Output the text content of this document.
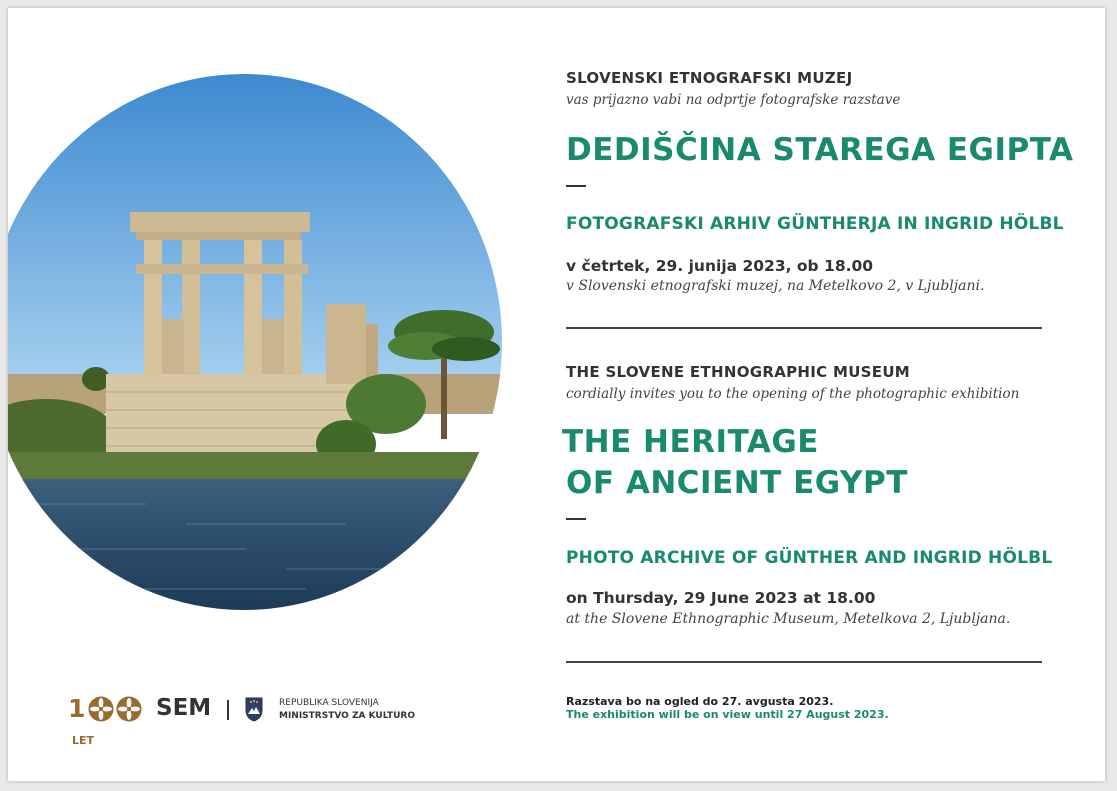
SLOVENSKI ETNOGRAFSKI MUZEJ
vas prijazno vabi na odprtje fotografske razstave
DEDIŠČINA STAREGA EGIPTA
FOTOGRAFSKI ARHIV GÜNTHERJA IN INGRID HÖLBL
v četrtek, 29. junija 2023, ob 18.00
v Slovenski etnografski muzej, na Metelkovo 2, v Ljubljani.
THE SLOVENE ETHNOGRAPHIC MUSEUM
cordially invites you to the opening of the photographic exhibition
THE HERITAGE
OF ANCIENT EGYPT
PHOTO ARCHIVE OF GÜNTHER AND INGRID HÖLBL
on Thursday, 29 June 2023 at 18.00
at the Slovene Ethnographic Museum, Metelkova 2, Ljubljana.
Razstava bo na ogled do 27. avgusta 2023.
The exhibition will be on view until 27 August 2023.
1
LET
SEM	REPUBLIKA SLOVENIJA
MINISTRSTVO ZA KULTURO
